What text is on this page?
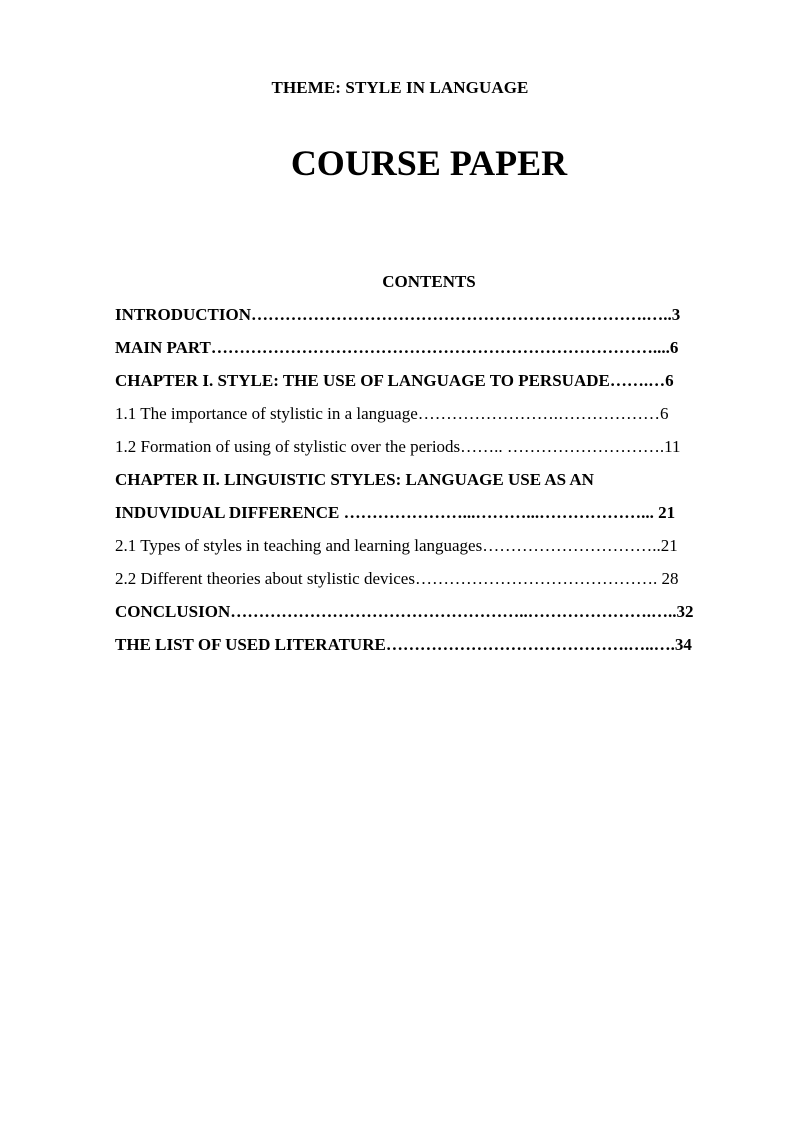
THEME: STYLE IN LANGUAGE
COURSE PAPER
CONTENTS
INTRODUCTION…………………………………………………………….…..3
MAIN PART……………………………………………………………………....6
CHAPTER I. STYLE: THE USE OF LANGUAGE TO PERSUADE…….…6
1.1 The importance of stylistic in a language…………………….………………6
1.2 Formation of using of stylistic over the periods…….. ……………………….11
CHAPTER II. LINGUISTIC STYLES: LANGUAGE USE AS AN
INDUVIDUAL DIFFERENCE …………………...………...………………... 21
2.1 Types of styles in teaching and learning languages…………………………..21
2.2 Different theories about stylistic devices……………………………………. 28
CONCLUSION……………………………………………..………………….…..32
THE LIST OF USED LITERATURE…………………………………….…..….34
